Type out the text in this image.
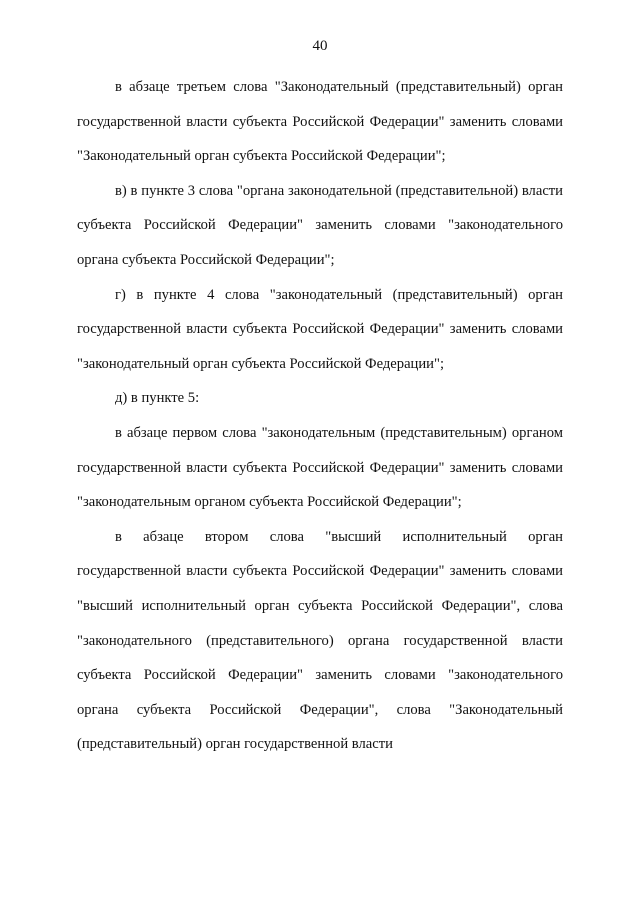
40

в абзаце третьем слова "Законодательный (представительный) орган государственной власти субъекта Российской Федерации" заменить словами "Законодательный орган субъекта Российской Федерации";

в) в пункте 3 слова "органа законодательной (представительной) власти субъекта Российской Федерации" заменить словами "законодательного органа субъекта Российской Федерации";

г) в пункте 4 слова "законодательный (представительный) орган государственной власти субъекта Российской Федерации" заменить словами "законодательный орган субъекта Российской Федерации";

д) в пункте 5:

в абзаце первом слова "законодательным (представительным) органом государственной власти субъекта Российской Федерации" заменить словами "законодательным органом субъекта Российской Федерации";

в абзаце втором слова "высший исполнительный орган государственной власти субъекта Российской Федерации" заменить словами "высший исполнительный орган субъекта Российской Федерации", слова "законодательного (представительного) органа государственной власти субъекта Российской Федерации" заменить словами "законодательного органа субъекта Российской Федерации", слова "Законодательный (представительный) орган государственной власти
